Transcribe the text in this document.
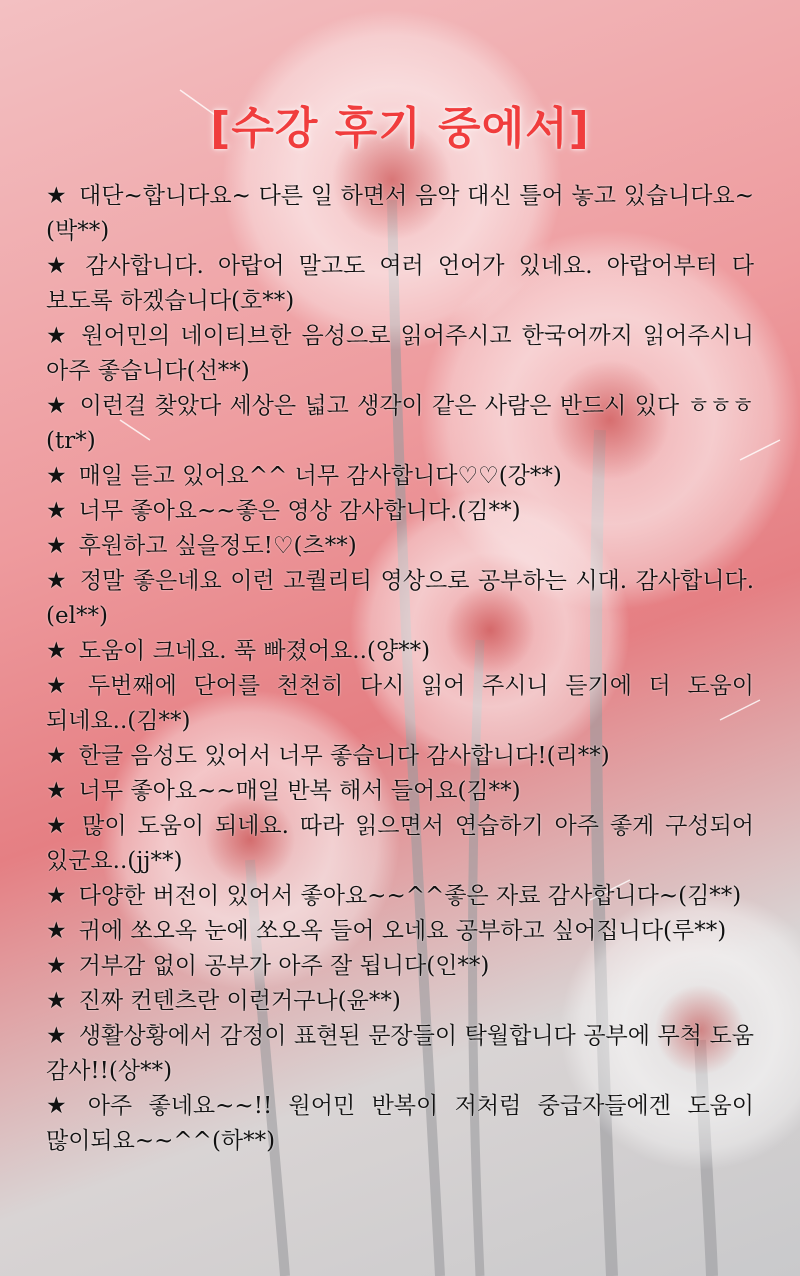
[수강 후기 중에서]
★ 대단~합니다요~ 다른 일 하면서 음악 대신 틀어 놓고 있습니다요~(박**)
★ 감사합니다. 아랍어 말고도 여러 언어가 있네요. 아랍어부터 다 보도록 하겠습니다(호**)
★ 원어민의 네이티브한 음성으로 읽어주시고 한국어까지 읽어주시니 아주 좋습니다(선**)
★ 이런걸 찾았다 세상은 넓고 생각이 같은 사람은 반드시 있다 ㅎㅎㅎ(tr*)
★ 매일 듣고 있어요^^ 너무 감사합니다♡♡(강**)
★ 너무 좋아요~~좋은 영상 감사합니다.(김**)
★ 후원하고 싶을정도!♡(츠**)
★ 정말 좋은네요 이런 고퀄리티 영상으로 공부하는 시대. 감사합니다.(el**)
★ 도움이 크네요. 푹 빠졌어요..(양**)
★ 두번째에 단어를 천천히 다시 읽어 주시니 듣기에 더 도움이 되네요..(김**)
★ 한글 음성도 있어서 너무 좋습니다 감사합니다!(리**)
★ 너무 좋아요~~매일 반복 해서 들어요(김**)
★ 많이 도움이 되네요. 따라 읽으면서 연습하기 아주 좋게 구성되어 있군요..(jj**)
★ 다양한 버전이 있어서 좋아요~~^^좋은 자료 감사합니다~(김**)
★ 귀에 쏘오옥 눈에 쏘오옥 들어 오네요 공부하고 싶어집니다(루**)
★ 거부감 없이 공부가 아주 잘 됩니다(인**)
★ 진짜 컨텐츠란 이런거구나(윤**)
★ 생활상황에서 감정이 표현된 문장들이 탁월합니다 공부에 무척 도움 감사!!(상**)
★ 아주 좋네요~~!! 원어민 반복이 저처럼 중급자들에겐 도움이 많이되요~~^^(하**)
